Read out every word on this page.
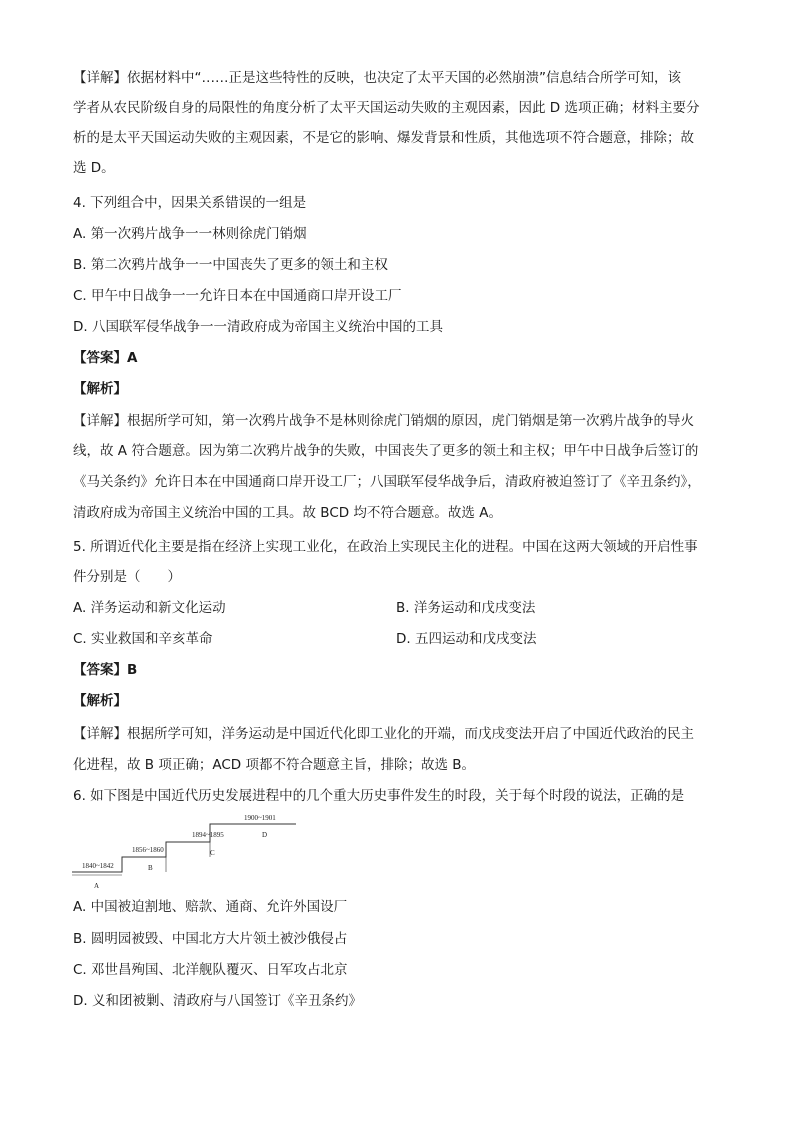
【详解】依据材料中“……正是这些特性的反映，也决定了太平天国的必然崩溃”信息结合所学可知，该
学者从农民阶级自身的局限性的角度分析了太平天国运动失败的主观因素，因此 D 选项正确；材料主要分
析的是太平天国运动失败的主观因素，不是它的影响、爆发背景和性质，其他选项不符合题意，排除；故
选 D。
4. 下列组合中，因果关系错误的一组是
A. 第一次鸦片战争一一林则徐虎门销烟
B. 第二次鸦片战争一一中国丧失了更多的领土和主权
C. 甲午中日战争一一允许日本在中国通商口岸开设工厂
D. 八国联军侵华战争一一清政府成为帝国主义统治中国的工具
【答案】A
【解析】
【详解】根据所学可知，第一次鸦片战争不是林则徐虎门销烟的原因，虎门销烟是第一次鸦片战争的导火
线，故 A 符合题意。因为第二次鸦片战争的失败，中国丧失了更多的领土和主权；甲午中日战争后签订的
《马关条约》允许日本在中国通商口岸开设工厂；八国联军侵华战争后，清政府被迫签订了《辛丑条约》，
清政府成为帝国主义统治中国的工具。故 BCD 均不符合题意。故选 A。
5. 所谓近代化主要是指在经济上实现工业化，在政治上实现民主化的进程。中国在这两大领域的开启性事
件分别是（　　）
A. 洋务运动和新文化运动	B. 洋务运动和戊戌变法
C. 实业救国和辛亥革命	D. 五四运动和戊戌变法
【答案】B
【解析】
【详解】根据所学可知，洋务运动是中国近代化即工业化的开端，而戊戌变法开启了中国近代政治的民主
化进程，故 B 项正确；ACD 项都不符合题意主旨，排除；故选 B。
6. 如下图是中国近代历史发展进程中的几个重大历史事件发生的时段，关于每个时段的说法，正确的是
1840~1842
A
1856~1860
B
1894~1895
C
1900~1901
D
A. 中国被迫割地、赔款、通商、允许外国设厂
B. 圆明园被毁、中国北方大片领土被沙俄侵占
C. 邓世昌殉国、北洋舰队覆灭、日军攻占北京
D. 义和团被剿、清政府与八国签订《辛丑条约》
